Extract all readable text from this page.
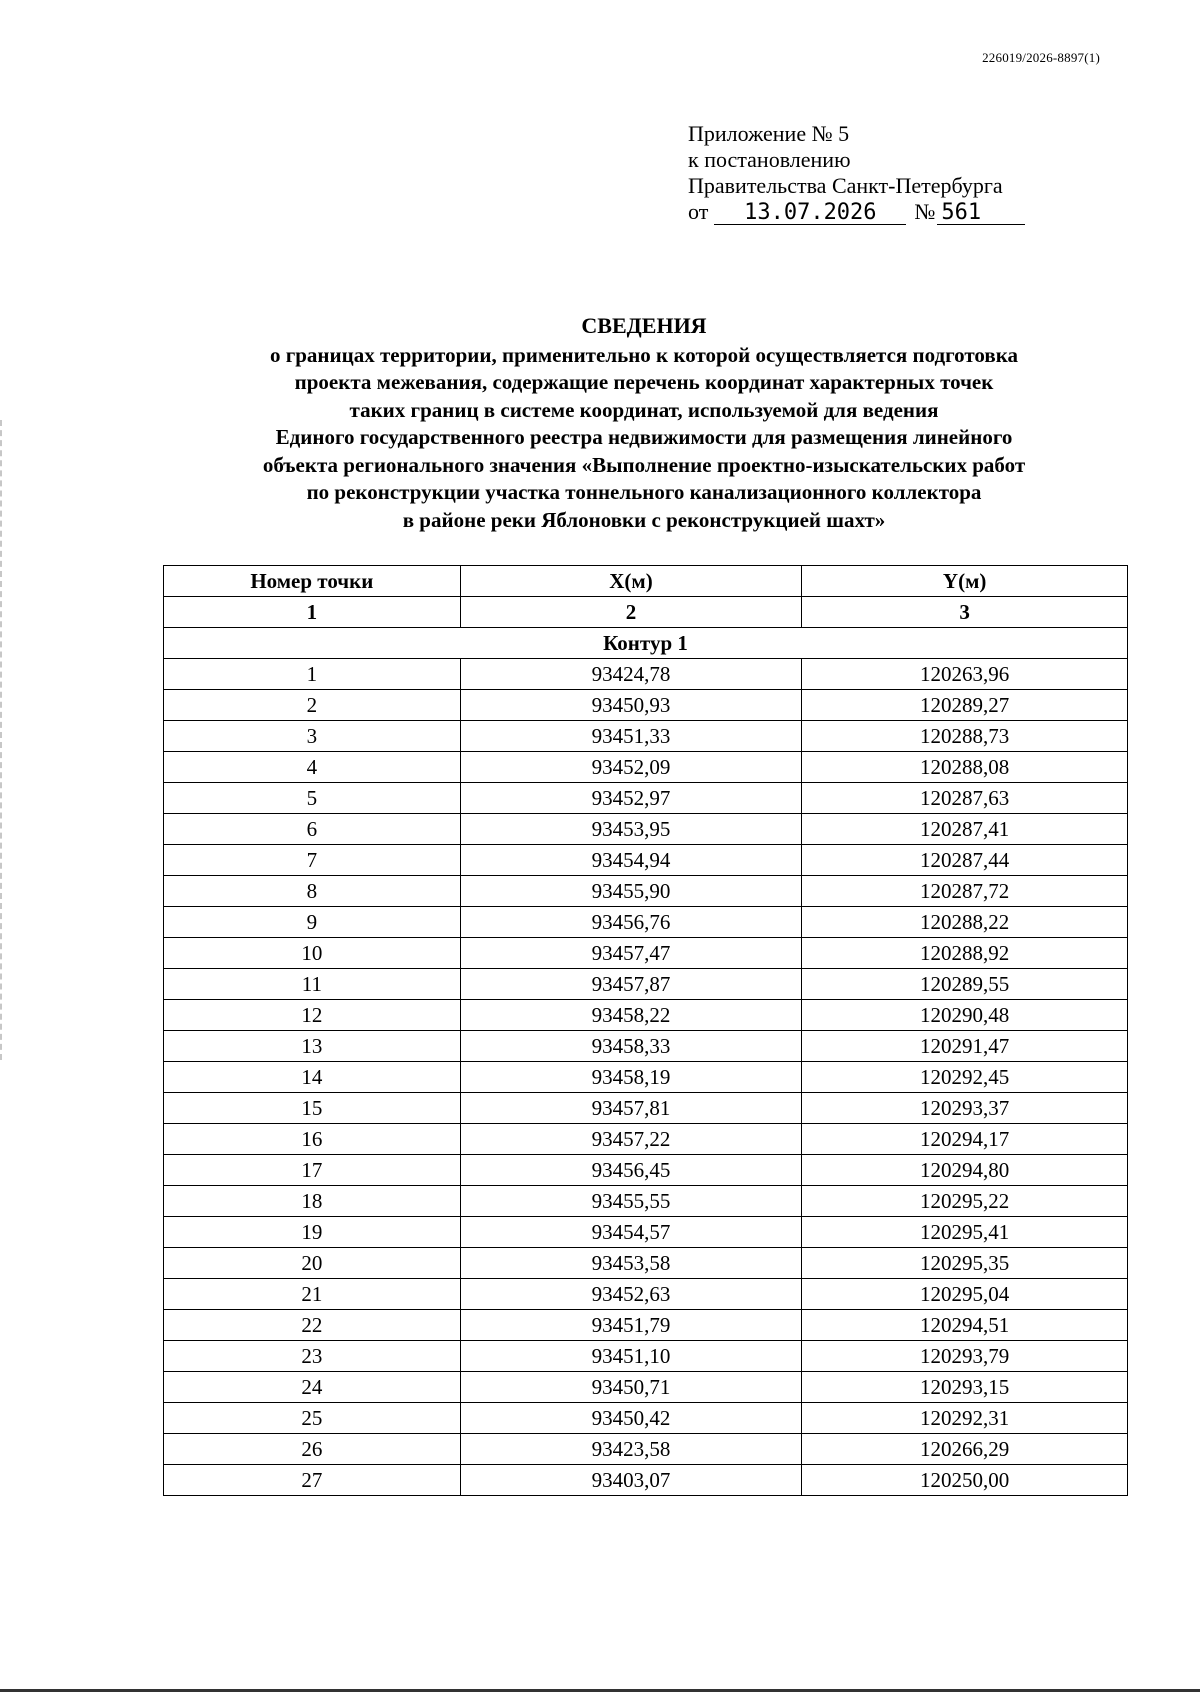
226019/2026-8897(1)
Приложение № 5
к постановлению
Правительства Санкт-Петербурга
от 13.07.2026 № 561
СВЕДЕНИЯ
о границах территории, применительно к которой осуществляется подготовка
проекта межевания, содержащие перечень координат характерных точек
таких границ в системе координат, используемой для ведения
Единого государственного реестра недвижимости для размещения линейного
объекта регионального значения «Выполнение проектно-изыскательских работ
по реконструкции участка тоннельного канализационного коллектора
в районе реки Яблоновки с реконструкцией шахт»
Номер точки	X(м)	Y(м)
1	2	3
Контур 1		
1	93424,78	120263,96
2	93450,93	120289,27
3	93451,33	120288,73
4	93452,09	120288,08
5	93452,97	120287,63
6	93453,95	120287,41
7	93454,94	120287,44
8	93455,90	120287,72
9	93456,76	120288,22
10	93457,47	120288,92
11	93457,87	120289,55
12	93458,22	120290,48
13	93458,33	120291,47
14	93458,19	120292,45
15	93457,81	120293,37
16	93457,22	120294,17
17	93456,45	120294,80
18	93455,55	120295,22
19	93454,57	120295,41
20	93453,58	120295,35
21	93452,63	120295,04
22	93451,79	120294,51
23	93451,10	120293,79
24	93450,71	120293,15
25	93450,42	120292,31
26	93423,58	120266,29
27	93403,07	120250,00
